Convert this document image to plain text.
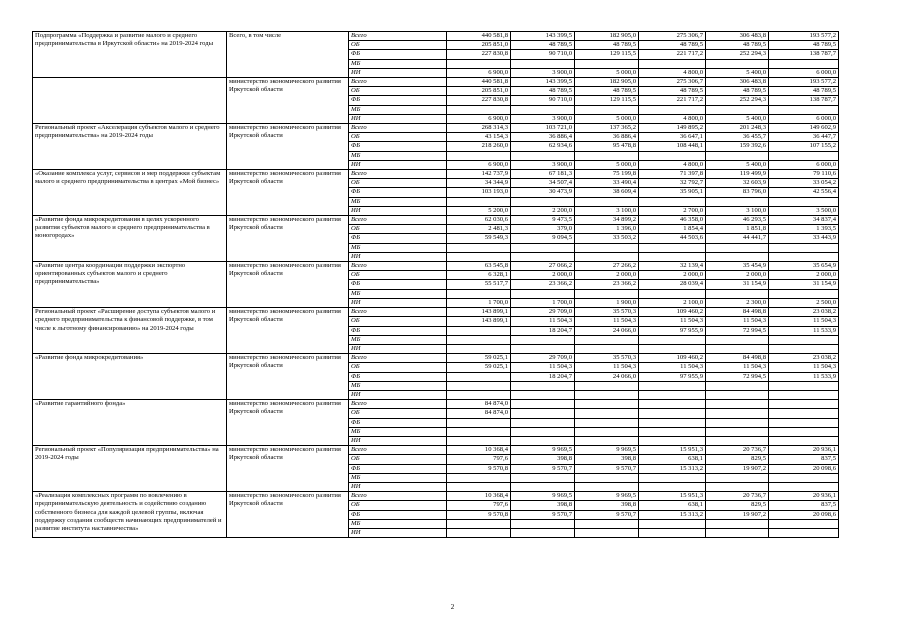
Подпрограмма «Поддержка и развитие малого и среднего предпринимательства в Иркутской области» на 2019-2024 годы	Всего, в том числе	Всего	440 581,8	143 399,5	182 905,0	275 306,7	306 483,8	193 577,2
		ОБ	205 851,0	48 789,5	48 789,5	48 789,5	48 789,5	48 789,5
		ФБ	227 830,8	90 710,0	129 115,5	221 717,2	252 294,3	138 787,7
		МБ						
		ИИ	6 900,0	3 900,0	5 000,0	4 800,0	5 400,0	6 000,0
	министерство экономического развития Иркутской области	Всего	440 581,8	143 399,5	182 905,0	275 306,7	306 483,8	193 577,2
		ОБ	205 851,0	48 789,5	48 789,5	48 789,5	48 789,5	48 789,5
		ФБ	227 830,8	90 710,0	129 115,5	221 717,2	252 294,3	138 787,7
		МБ						
		ИИ	6 900,0	3 900,0	5 000,0	4 800,0	5 400,0	6 000,0
Региональный проект «Акселерация субъектов малого и среднего предпринимательства» на 2019-2024 годы	министерство экономического развития Иркутской области	Всего	268 314,3	103 721,0	137 365,2	149 895,2	201 248,3	149 602,9
		ОБ	43 154,3	36 886,4	36 886,4	36 647,1	36 455,7	36 447,7
		ФБ	218 260,0	62 934,6	95 478,8	108 448,1	159 392,6	107 155,2
		МБ						
		ИИ	6 900,0	3 900,0	5 000,0	4 800,0	5 400,0	6 000,0
«Оказание комплекса услуг, сервисов и мер поддержки субъектам малого и среднего предпринимательства в центрах «Мой бизнес»	министерство экономического развития Иркутской области	Всего	142 737,9	67 181,3	75 199,8	71 397,8	119 499,9	79 110,6
		ОБ	34 344,9	34 507,4	33 490,4	32 792,7	32 603,9	33 054,2
		ФБ	103 193,0	30 473,9	38 609,4	35 905,1	83 796,0	42 556,4
		МБ						
		ИИ	5 200,0	2 200,0	3 100,0	2 700,0	3 100,0	3 500,0
«Развитие фонда микрокредитования в целях ускоренного развития субъектов малого и среднего предпринимательства в моногородах»	министерство экономического развития Иркутской области	Всего	62 030,6	9 473,5	34 899,2	46 358,0	46 293,5	34 837,4
		ОБ	2 481,3	379,0	1 396,0	1 854,4	1 851,8	1 393,5
		ФБ	59 549,3	9 094,5	33 503,2	44 503,6	44 441,7	33 443,9
		МБ						
		ИИ						
«Развитие центра координации поддержки экспортно ориентированных субъектов малого и среднего предпринимательства»	министерство экономического развития Иркутской области	Всего	63 545,8	27 066,2	27 266,2	32 139,4	35 454,9	35 654,9
		ОБ	6 328,1	2 000,0	2 000,0	2 000,0	2 000,0	2 000,0
		ФБ	55 517,7	23 366,2	23 366,2	28 039,4	31 154,9	31 154,9
		МБ						
		ИИ	1 700,0	1 700,0	1 900,0	2 100,0	2 300,0	2 500,0
Региональный проект «Расширение доступа субъектов малого и среднего предпринимательства к финансовой поддержке, в том числе к льготному финансированию» на 2019-2024 годы	министерство экономического развития Иркутской области	Всего	143 899,1	29 709,0	35 570,3	109 460,2	84 498,8	23 038,2
		ОБ	143 899,1	11 504,3	11 504,3	11 504,3	11 504,3	11 504,3
		ФБ		18 204,7	24 066,0	97 955,9	72 994,5	11 533,9
		МБ						
		ИИ						
«Развитие фонда микрокредитования»	министерство экономического развития Иркутской области	Всего	59 025,1	29 709,0	35 570,3	109 460,2	84 498,8	23 038,2
		ОБ	59 025,1	11 504,3	11 504,3	11 504,3	11 504,3	11 504,3
		ФБ		18 204,7	24 066,0	97 955,9	72 994,5	11 533,9
		МБ						
		ИИ						
«Развитие гарантийного фонда»	министерство экономического развития Иркутской области	Всего	84 874,0					
		ОБ	84 874,0					
		ФБ						
		МБ						
		ИИ						
Региональный проект «Популяризация предпринимательства» на 2019-2024 годы	министерство экономического развития Иркутской области	Всего	10 368,4	9 969,5	9 969,5	15 951,3	20 736,7	20 936,1
		ОБ	797,6	398,8	398,8	638,1	829,5	837,5
		ФБ	9 570,8	9 570,7	9 570,7	15 313,2	19 907,2	20 098,6
		МБ						
		ИИ						
«Реализация комплексных программ по вовлечению в предпринимательскую деятельность и содействию созданию собственного бизнеса для каждой целевой группы, включая поддержку создания сообществ начинающих предпринимателей и развитие института наставничества»	министерство экономического развития Иркутской области	Всего	10 368,4	9 969,5	9 969,5	15 951,3	20 736,7	20 936,1
		ОБ	797,6	398,8	398,8	638,1	829,5	837,5
		ФБ	9 570,8	9 570,7	9 570,7	15 313,2	19 907,2	20 098,6
		МБ						
		ИИ						
2
